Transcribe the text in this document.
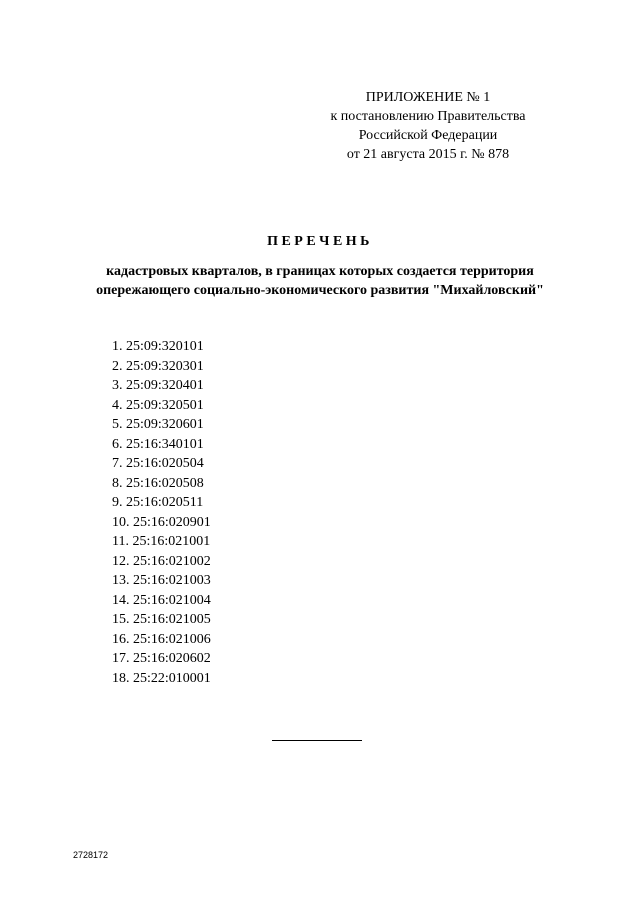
ПРИЛОЖЕНИЕ № 1
к постановлению Правительства
Российской Федерации
от 21 августа 2015 г. № 878
ПЕРЕЧЕНЬ
кадастровых кварталов, в границах которых создается территория
опережающего социально-экономического развития "Михайловский"
1. 25:09:320101
2. 25:09:320301
3. 25:09:320401
4. 25:09:320501
5. 25:09:320601
6. 25:16:340101
7. 25:16:020504
8. 25:16:020508
9. 25:16:020511
10. 25:16:020901
11. 25:16:021001
12. 25:16:021002
13. 25:16:021003
14. 25:16:021004
15. 25:16:021005
16. 25:16:021006
17. 25:16:020602
18. 25:22:010001
2728172
